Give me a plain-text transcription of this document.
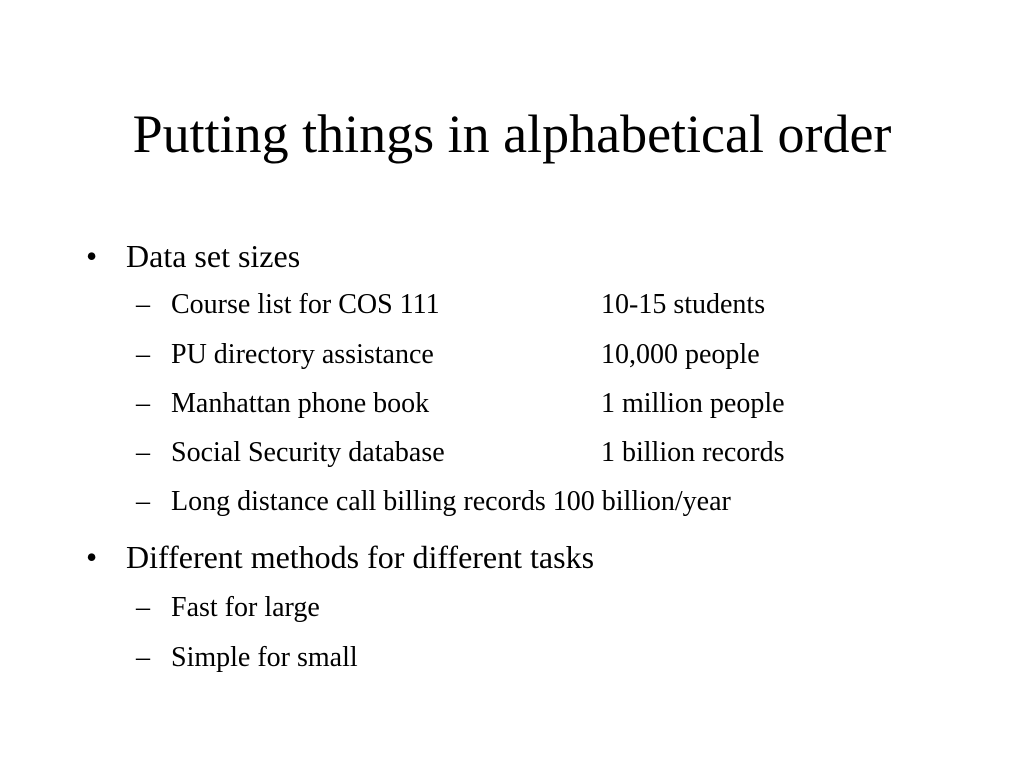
Putting things in alphabetical order
• Data set sizes
– Course list for COS 111	10-15 students
– PU directory assistance	10,000 people
– Manhattan phone book	1 million people
– Social Security database	1 billion records
– Long distance call billing records 100 billion/year
• Different methods for different tasks
– Fast for large
– Simple for small
